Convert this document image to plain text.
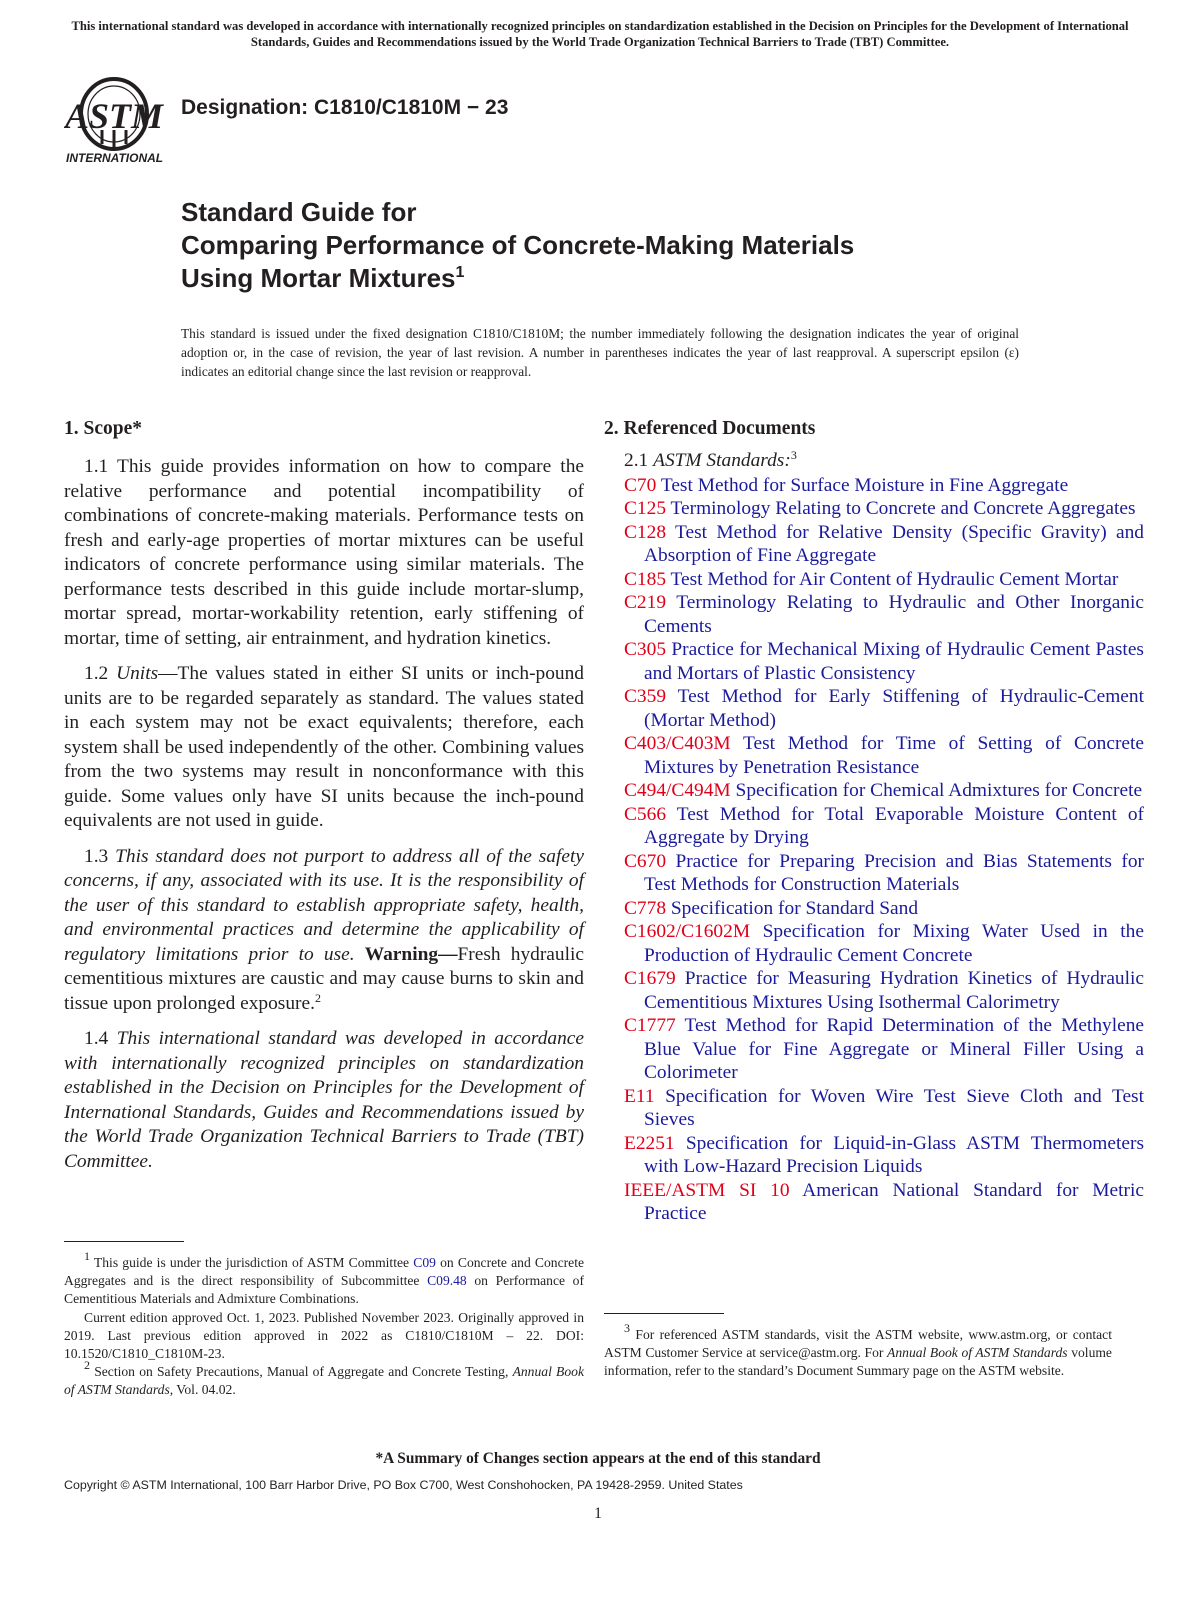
This international standard was developed in accordance with internationally recognized principles on standardization established in the Decision on Principles for the Development of International Standards, Guides and Recommendations issued by the World Trade Organization Technical Barriers to Trade (TBT) Committee.
ASTM
INTERNATIONAL
Designation: C1810/C1810M − 23
Standard Guide for
Comparing Performance of Concrete-Making Materials
Using Mortar Mixtures$^1$
This standard is issued under the fixed designation C1810/C1810M; the number immediately following the designation indicates the year of original adoption or, in the case of revision, the year of last revision. A number in parentheses indicates the year of last reapproval. A superscript epsilon (ε) indicates an editorial change since the last revision or reapproval.
1. Scope*

1.1 This guide provides information on how to compare the relative performance and potential incompatibility of combinations of concrete-making materials. Performance tests on fresh and early-age properties of mortar mixtures can be useful indicators of concrete performance using similar materials. The performance tests described in this guide include mortar-slump, mortar spread, mortar-workability retention, early stiffening of mortar, time of setting, air entrainment, and hydration kinetics.

1.2 Units—The values stated in either SI units or inch-pound units are to be regarded separately as standard. The values stated in each system may not be exact equivalents; therefore, each system shall be used independently of the other. Combining values from the two systems may result in nonconformance with this guide. Some values only have SI units because the inch-pound equivalents are not used in guide.

1.3 This standard does not purport to address all of the safety concerns, if any, associated with its use. It is the responsibility of the user of this standard to establish appropriate safety, health, and environmental practices and determine the applicability of regulatory limitations prior to use. Warning—Fresh hydraulic cementitious mixtures are caustic and may cause burns to skin and tissue upon prolonged exposure.$^2$

1.4 This international standard was developed in accordance with internationally recognized principles on standardization established in the Decision on Principles for the Development of International Standards, Guides and Recommendations issued by the World Trade Organization Technical Barriers to Trade (TBT) Committee.

2. Referenced Documents
2.1 ASTM Standards:$^3$

C70 Test Method for Surface Moisture in Fine Aggregate

C125 Terminology Relating to Concrete and Concrete Aggregates

C128 Test Method for Relative Density (Specific Gravity) and Absorption of Fine Aggregate

C185 Test Method for Air Content of Hydraulic Cement Mortar

C219 Terminology Relating to Hydraulic and Other Inorganic Cements

C305 Practice for Mechanical Mixing of Hydraulic Cement Pastes and Mortars of Plastic Consistency

C359 Test Method for Early Stiffening of Hydraulic-Cement (Mortar Method)

C403/C403M Test Method for Time of Setting of Concrete Mixtures by Penetration Resistance

C494/C494M Specification for Chemical Admixtures for Concrete

C566 Test Method for Total Evaporable Moisture Content of Aggregate by Drying

C670 Practice for Preparing Precision and Bias Statements for Test Methods for Construction Materials

C778 Specification for Standard Sand

C1602/C1602M Specification for Mixing Water Used in the Production of Hydraulic Cement Concrete

C1679 Practice for Measuring Hydration Kinetics of Hydraulic Cementitious Mixtures Using Isothermal Calorimetry

C1777 Test Method for Rapid Determination of the Methylene Blue Value for Fine Aggregate or Mineral Filler Using a Colorimeter

E11 Specification for Woven Wire Test Sieve Cloth and Test Sieves

E2251 Specification for Liquid-in-Glass ASTM Thermometers with Low-Hazard Precision Liquids

IEEE/ASTM SI 10 American National Standard for Metric Practice

$^1$ This guide is under the jurisdiction of ASTM Committee C09 on Concrete and Concrete Aggregates and is the direct responsibility of Subcommittee C09.48 on Performance of Cementitious Materials and Admixture Combinations.

Current edition approved Oct. 1, 2023. Published November 2023. Originally approved in 2019. Last previous edition approved in 2022 as C1810/C1810M – 22. DOI: 10.1520/C1810_C1810M-23.

$^2$ Section on Safety Precautions, Manual of Aggregate and Concrete Testing, Annual Book of ASTM Standards, Vol. 04.02.

$^3$ For referenced ASTM standards, visit the ASTM website, www.astm.org, or contact ASTM Customer Service at service@astm.org. For Annual Book of ASTM Standards volume information, refer to the standard’s Document Summary page on the ASTM website.

*A Summary of Changes section appears at the end of this standard
Copyright © ASTM International, 100 Barr Harbor Drive, PO Box C700, West Conshohocken, PA 19428-2959. United States
1
